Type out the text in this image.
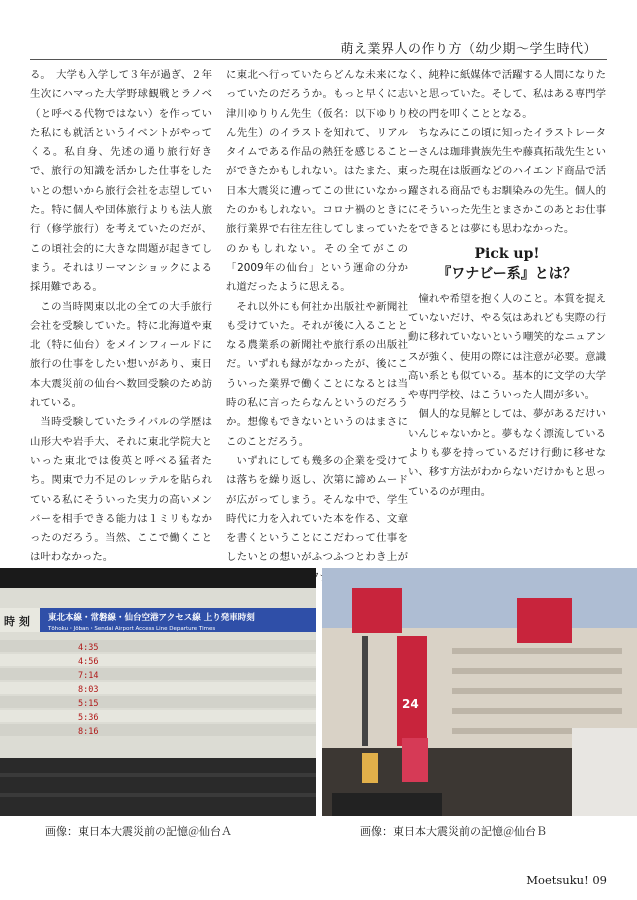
萌え業界人の作り方（幼少期〜学生時代）

る。　大学も入学して３年が過ぎ、２年生次にハマった大学野球観戦とラノベ（と呼べる代物ではない）を作っていた私にも就活というイベントがやってくる。私自身、先述の通り旅行好きで、旅行の知識を活かした仕事をしたいとの想いから旅行会社を志望していた。特に個人や団体旅行よりも法人旅行（修学旅行）を考えていたのだが、この頃社会的に大きな問題が起きてしまう。それはリーマンショックによる採用難である。

この当時関東以北の全ての大手旅行会社を受験していた。特に北海道や東北（特に仙台）をメインフィールドに旅行の仕事をしたい想いがあり、東日本大震災前の仙台へ数回受験のため訪れている。

当時受験していたライバルの学歴は山形大や岩手大、それに東北学院大といった東北では俊英と呼べる猛者たち。関東で力不足のレッテルを貼られている私にそういった実力の高いメンバーを相手できる能力は１ミリもなかったのだろう。当然、ここで働くことは叶わなかった。

に東北へ行っていたらどんな未来になっていたのだろうか。もっと早くに志津川ゆりりん先生（仮名：以下ゆりりん先生）のイラストを知れて、リアルタイムである作品の熱狂を感じることができたかもしれない。はたまた、東日本大震災に遭ってこの世にいなかったのかもしれない。コロナ禍のときに旅行業界で右往左往してしまっていたのかもしれない。その全てがこの「2009年の仙台」という運命の分かれ道だったように思える。

それ以外にも何社か出版社や新聞社も受けていた。それが後に入ることとなる農業系の新聞社や旅行系の出版社だ。いずれも縁がなかったが、後にこういった業界で働くことになるとは当時の私に言ったらなんというのだろうか。想像もできないというのはまさにこのことだろう。

いずれにしても幾多の企業を受けては落ちを繰り返し、次第に諦めムードが広がってしまう。そんな中で、学生時代に力を入れていた本を作る、文章を書くということにこだわって仕事をしたいとの想いがふつふつとわき上が ワナ

く、純粋に紙媒体で活躍する人間になりたいと思っていた。そして、私はある専門学校の門を叩くこととなる。

ちなみにこの頃に知ったイラストレーターさんは珈琲貴族先生や藤真拓哉先生といった現在は版画などのハイエンド商品で活躍される商品でもお馴染みの先生。個人的にそういった先生とまさかこのあとお仕事をできるとは夢にも思わなかった。

Pick up!
『ワナビー系』とは？

憧れや希望を抱く人のこと。本質を捉えていないだけ、やる気はあれども実際の行動に移れていないという嘲笑的なニュアンスが強く、使用の際には注意が必要。意識高い系とも似ている。基本的に文学の大学や専門学校、はこういった人間が多い。

個人的な見解としては、夢があるだけいいんじゃないかと。夢もなく漂流しているよりも夢を持っているだけ行動に移せない、移す方法がわからないだけかもと思っているのが理由。

時 刻 東北本線・常磐線・仙台空港アクセス線 上り発車時刻
Tōhoku・Jōban・Sendai Airport Access Line Departure Times
4:35
4:56
7:14
8:03
5:15
5:36
8:16
24
画像：東日本大震災前の記憶＠仙台Ａ	画像：東日本大震災前の記憶＠仙台Ｂ
Moetsuku! 09
